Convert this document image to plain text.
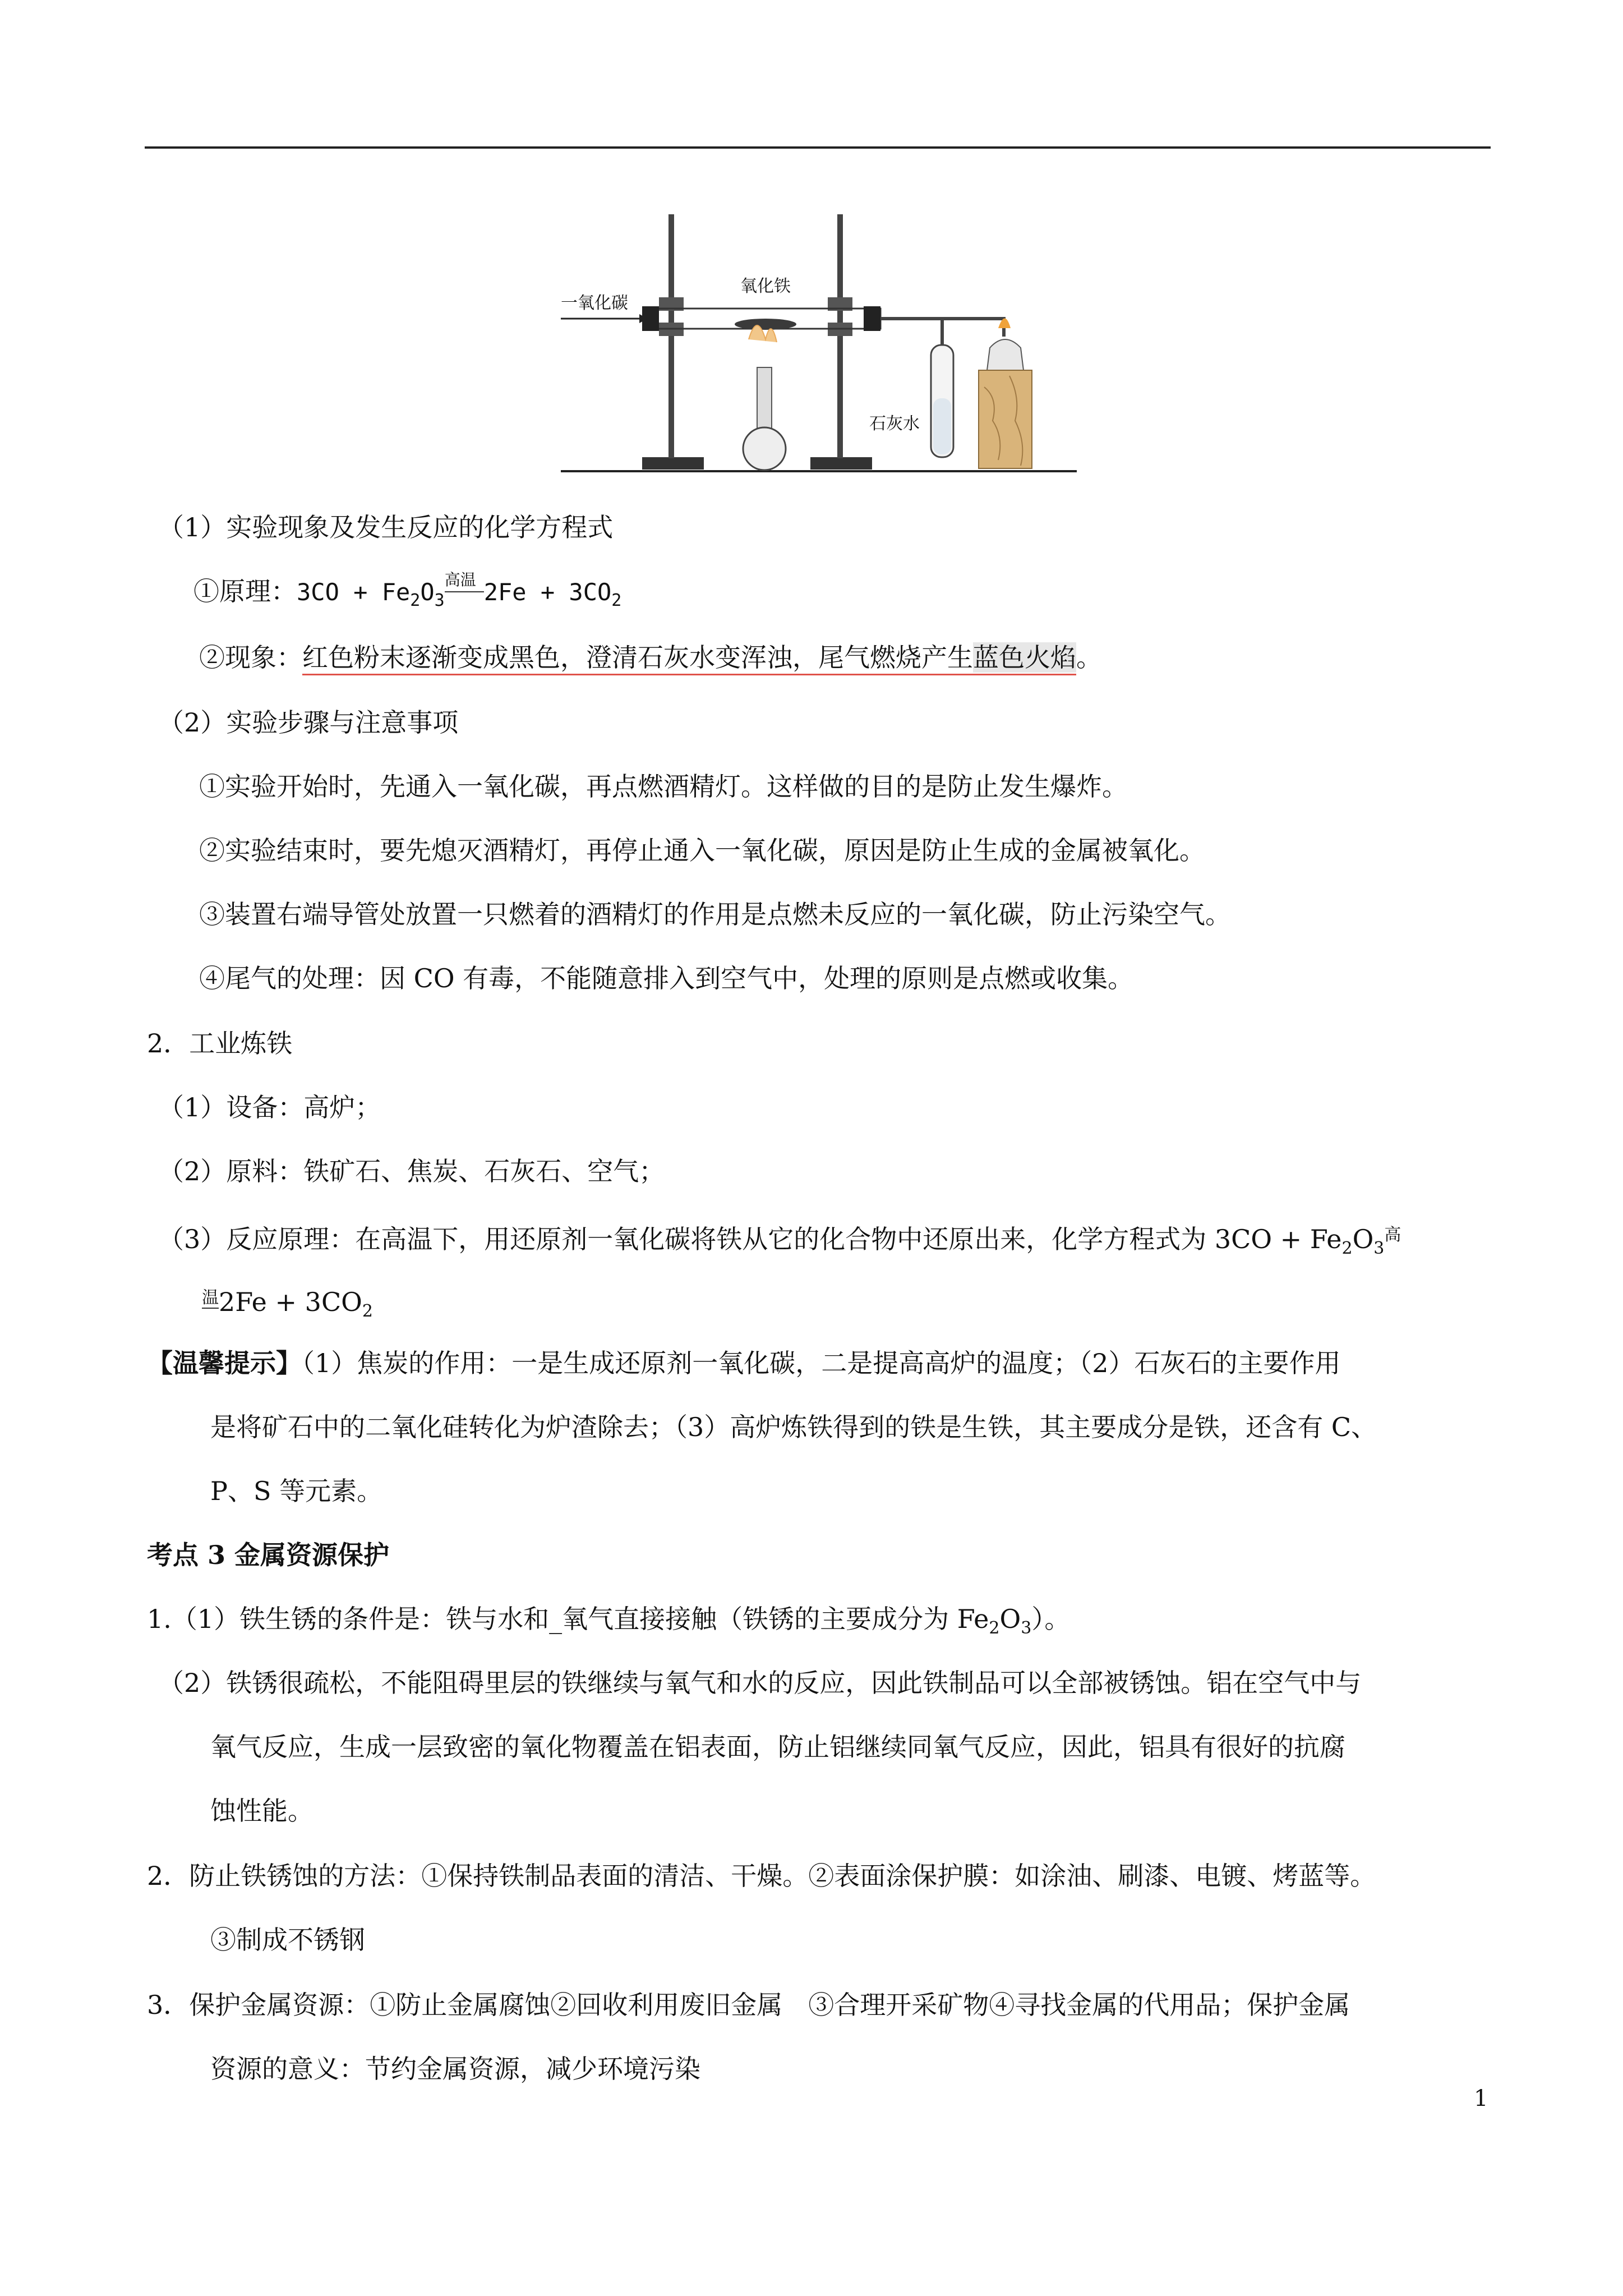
一氧化碳
氧化铁
石灰水
（1）实验现象及发生反应的化学方程式
①原理：$3CO + Fe_2O_3$
高温 $2Fe + 3CO_2$
②现象：红色粉末逐渐变成黑色，澄清石灰水变浑浊，尾气燃烧产生蓝色火焰。
（2）实验步骤与注意事项
①实验开始时，先通入一氧化碳，再点燃酒精灯。这样做的目的是防止发生爆炸。
②实验结束时，要先熄灭酒精灯，再停止通入一氧化碳，原因是防止生成的金属被氧化。
③装置右端导管处放置一只燃着的酒精灯的作用是点燃未反应的一氧化碳，防止污染空气。
④尾气的处理：因 CO 有毒，不能随意排入到空气中，处理的原则是点燃或收集。
2．工业炼铁
（1）设备：高炉；
（2）原料：铁矿石、焦炭、石灰石、空气；
（3）反应原理：在高温下，用还原剂一氧化碳将铁从它的化合物中还原出来，化学方程式为 $3CO + Fe_2O_3^高$
$^温2Fe + 3CO_2$
【温馨提示】（1）焦炭的作用：一是生成还原剂一氧化碳，二是提高高炉的温度；（2）石灰石的主要作用
是将矿石中的二氧化硅转化为炉渣除去；（3）高炉炼铁得到的铁是生铁，其主要成分是铁，还含有 C、
P、S 等元素。
考点 3 金属资源保护
1.（1）铁生锈的条件是：铁与水和_氧气直接接触（铁锈的主要成分为 $Fe_2O_3$）。
（2）铁锈很疏松，不能阻碍里层的铁继续与氧气和水的反应，因此铁制品可以全部被锈蚀。铝在空气中与
氧气反应，生成一层致密的氧化物覆盖在铝表面，防止铝继续同氧气反应，因此，铝具有很好的抗腐
蚀性能。
2．防止铁锈蚀的方法：①保持铁制品表面的清洁、干燥。②表面涂保护膜：如涂油、刷漆、电镀、烤蓝等。
③制成不锈钢
3．保护金属资源：①防止金属腐蚀②回收利用废旧金属　③合理开采矿物④寻找金属的代用品；保护金属
资源的意义：节约金属资源，减少环境污染
1
